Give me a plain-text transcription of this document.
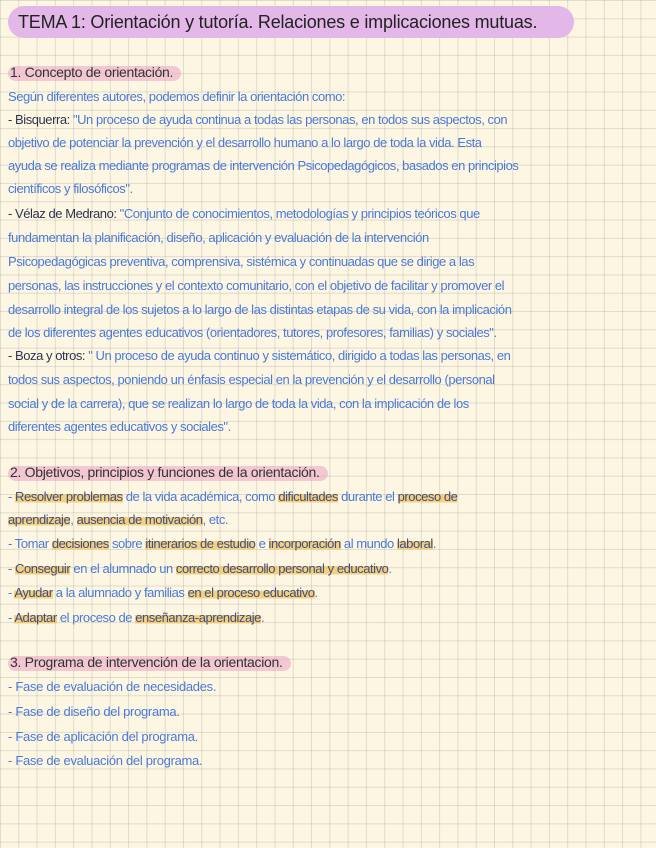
TEMA 1: Orientación y tutoría. Relaciones e implicaciones mutuas.
1. Concepto de orientación.
Según diferentes autores, podemos definir la orientación como:
- Bisquerra: "Un proceso de ayuda continua a todas las personas, en todos sus aspectos, con
objetivo de potenciar la prevención y el desarrollo humano a lo largo de toda la vida. Esta
ayuda se realiza mediante programas de intervención Psicopedagógicos, basados en principios
científicos y filosóficos".
- Vélaz de Medrano: "Conjunto de conocimientos, metodologías y principios teóricos que
fundamentan la planificación, diseño, aplicación y evaluación de la intervención
Psicopedagógicas preventiva, comprensiva, sistémica y continuadas que se dirige a las
personas, las instrucciones y el contexto comunitario, con el objetivo de facilitar y promover el
desarrollo integral de los sujetos a lo largo de las distintas etapas de su vida, con la implicación
de los diferentes agentes educativos (orientadores, tutores, profesores, familias) y sociales".
- Boza y otros: " Un proceso de ayuda continuo y sistemático, dirigido a todas las personas, en
todos sus aspectos, poniendo un énfasis especial en la prevención y el desarrollo (personal
social y de la carrera), que se realizan lo largo de toda la vida, con la implicación de los
diferentes agentes educativos y sociales".
2. Objetivos, principios y funciones de la orientación.
- Resolver problemas de la vida académica, como dificultades durante el proceso de
aprendizaje, ausencia de motivación, etc.
- Tomar decisiones sobre itinerarios de estudio e incorporación al mundo laboral.
- Conseguir en el alumnado un correcto desarrollo personal y educativo.
- Ayudar a la alumnado y familias en el proceso educativo.
- Adaptar el proceso de enseñanza-aprendizaje.
3. Programa de intervención de la orientacion.
- Fase de evaluación de necesidades.
- Fase de diseño del programa.
- Fase de aplicación del programa.
- Fase de evaluación del programa.
